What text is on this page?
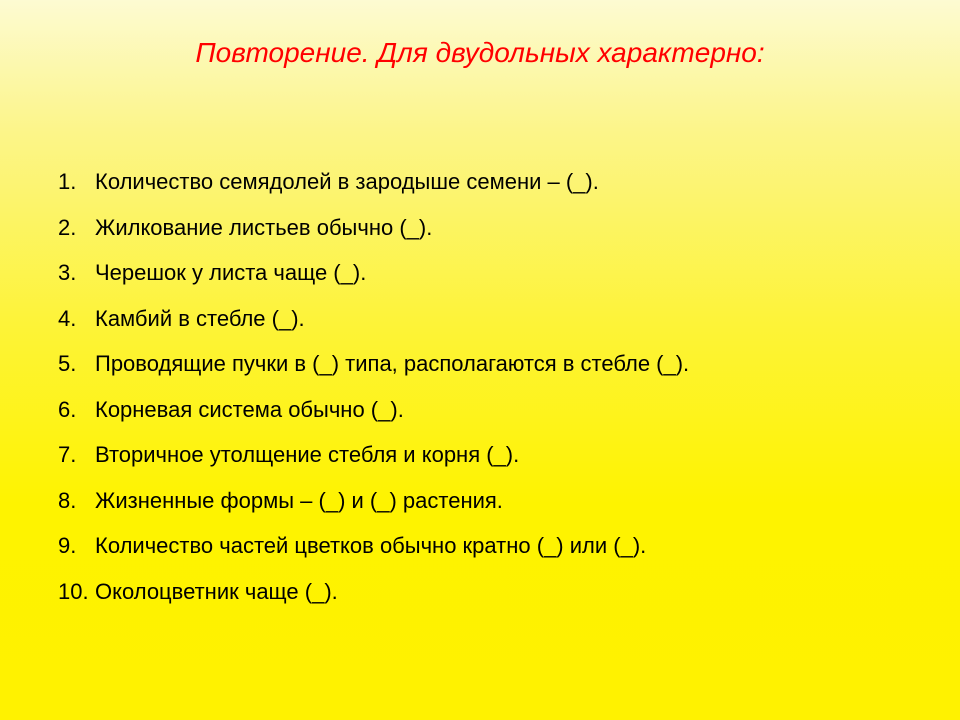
Повторение. Для двудольных характерно:
1. Количество семядолей в зародыше семени – (_).
2. Жилкование листьев обычно (_).
3. Черешок у листа чаще (_).
4. Камбий в стебле (_).
5. Проводящие пучки в (_) типа, располагаются в стебле (_).
6. Корневая система обычно (_).
7. Вторичное утолщение стебля и корня (_).
8. Жизненные формы – (_) и (_) растения.
9. Количество частей цветков обычно кратно (_) или (_).
10. Околоцветник чаще (_).
